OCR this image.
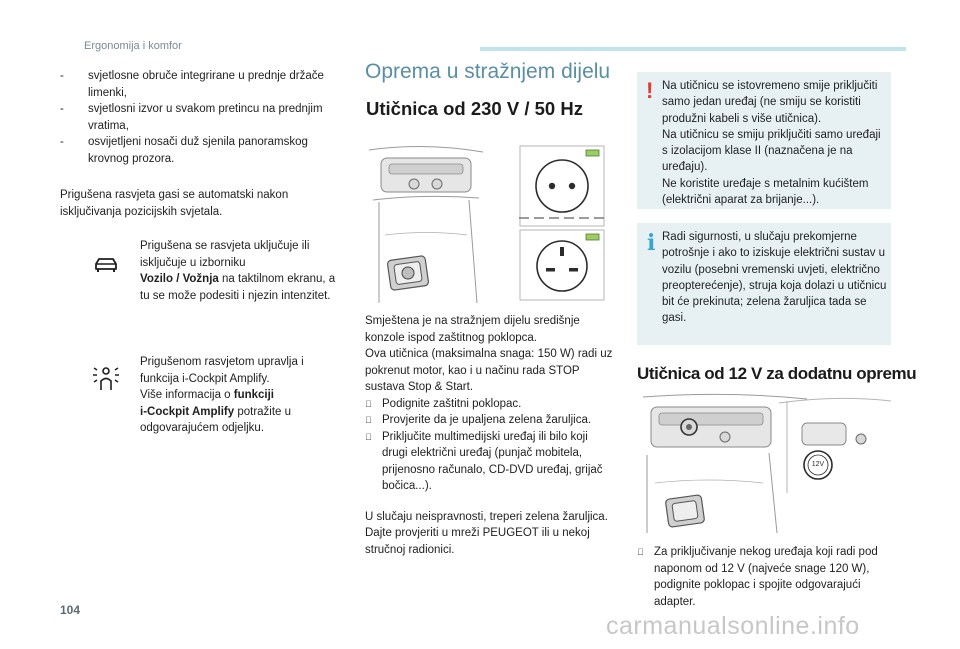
Ergonomija i komfor
- svjetlosne obruče integrirane u prednje držače limenki,
- svjetlosni izvor u svakom pretincu na prednjim vratima,
- osvijetljeni nosači duž sjenila panoramskog krovnog prozora.

Prigušena rasvjeta gasi se automatski nakon isključivanja pozicijskih svjetala.

Prigušena se rasvjeta uključuje ili isključuje u izborniku
Vozilo / Vožnja na taktilnom ekranu, a tu se može podesiti i njezin intenzitet.
Prigušenom rasvjetom upravlja i funkcija i-Cockpit Amplify.
Više informacija o funkciji
i-Cockpit Amplify potražite u odgovarajućem odjeljku.
Oprema u stražnjem dijelu
Utičnica od 230 V / 50 Hz

Smještena je na stražnjem dijelu središnje konzole ispod zaštitnog poklopca.

Ova utičnica (maksimalna snaga: 150 W) radi uz pokrenut motor, kao i u načinu rada STOP sustava Stop & Start.

Podignite zaštitni poklopac.
Provjerite da je upaljena zelena žaruljica.
Priključite multimedijski uređaj ili bilo koji drugi električni uređaj (punjač mobitela, prijenosno računalo, CD-DVD uređaj, grijač bočica...).

U slučaju neispravnosti, treperi zelena žaruljica.

Dajte provjeriti u mreži PEUGEOT ili u nekoj stručnoj radionici.

! Na utičnicu se istovremeno smije priključiti samo jedan uređaj (ne smiju se koristiti produžni kabeli s više utičnica).

Na utičnicu se smiju priključiti samo uređaji s izolacijom klase II (naznačena je na uređaju).

Ne koristite uređaje s metalnim kućištem (električni aparat za brijanje...).

i Radi sigurnosti, u slučaju prekomjerne potrošnje i ako to iziskuje električni sustav u vozilu (posebni vremenski uvjeti, električno preopterećenje), struja koja dolazi u utičnicu bit će prekinuta; zelena žaruljica tada se gasi.
Utičnica od 12 V za dodatnu opremu
12V
Za priključivanje nekog uređaja koji radi pod naponom od 12 V (najveće snage 120 W), podignite poklopac i spojite odgovarajući adapter.
104
carmanualsonline.info
